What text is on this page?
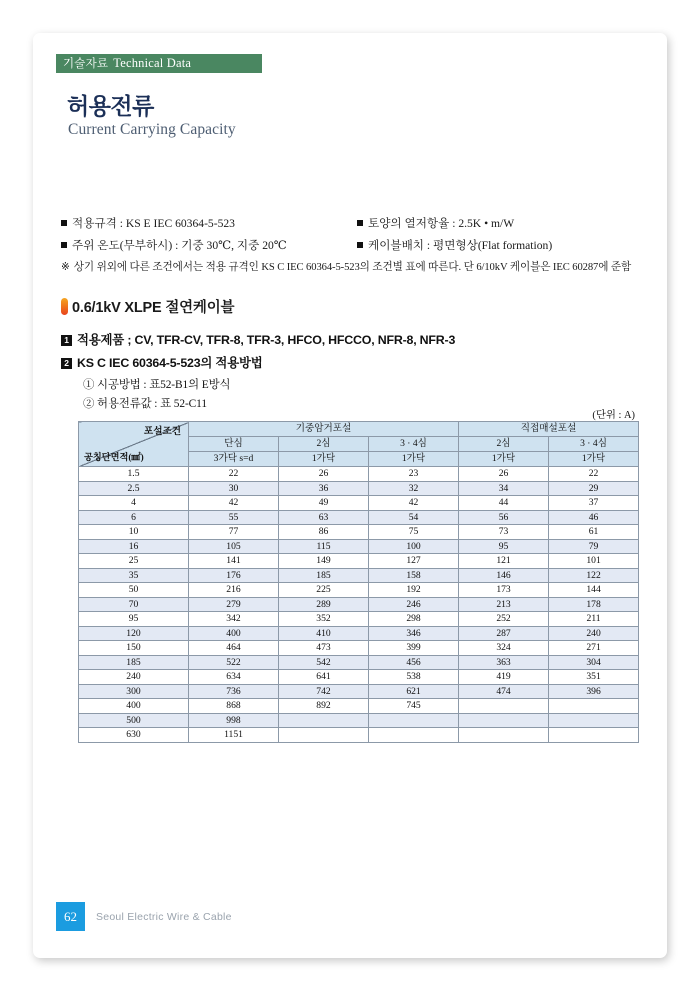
기술자료 Technical Data
허용전류
Current Carrying Capacity
적용규격 : KS E IEC 60364-5-523	토양의 열저항율 : 2.5K • m/W
주위 온도(무부하시) : 기중 30℃, 지중 20℃	케이블배치 : 평면형상(Flat formation)
※ 상기 위외에 다른 조건에서는 적용 규격인 KS C IEC 60364-5-523의 조건별 표에 따른다. 단 6/10kV 케이블은 IEC 60287에 준함
0.6/1kV XLPE 절연케이블
1 적용제품 ; CV, TFR-CV, TFR-8, TFR-3, HFCO, HFCCO, NFR-8, NFR-3
2 KS C IEC 60364-5-523의 적용방법
① 시공방법 : 표52-B1의 E방식
② 허용전류값 : 표 52-C11
(단위 : A)
포설조건
공칭단면적(㎟)	기중암거포설			직접매설포설	
	단심	2심	3 · 4심	2심	3 · 4심
	3가닥 s=d	1가닥	1가닥	1가닥	1가닥
1.5	22	26	23	26	22
2.5	30	36	32	34	29
4	42	49	42	44	37
6	55	63	54	56	46
10	77	86	75	73	61
16	105	115	100	95	79
25	141	149	127	121	101
35	176	185	158	146	122
50	216	225	192	173	144
70	279	289	246	213	178
95	342	352	298	252	211
120	400	410	346	287	240
150	464	473	399	324	271
185	522	542	456	363	304
240	634	641	538	419	351
300	736	742	621	474	396
400	868	892	745		
500	998				
630	1151				
62	Seoul Electric Wire & Cable
